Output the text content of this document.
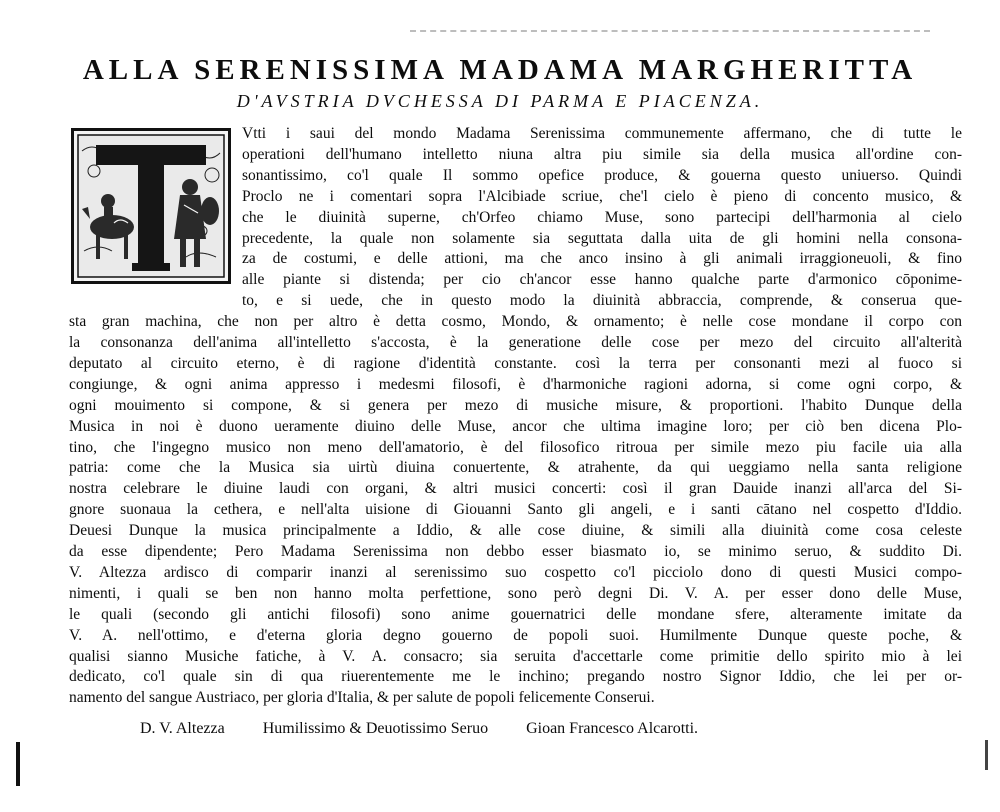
ALLA SERENISSIMA MADAMA MARGHERITTA
D'AVSTRIA DVCHESSA DI PARMA E PIACENZA.
Vtti i saui del mondo Madama Serenissima communemente affermano, che di tutte le
operationi dell'humano intelletto niuna altra piu simile sia della musica all'ordine con-
sonantissimo, co'l quale Il sommo opefice produce, & gouerna questo uniuerso. Quindi
Proclo ne i comentari sopra l'Alcibiade scriue, che'l cielo è pieno di concento musico, &
che le diuinità superne, ch'Orfeo chiamo Muse, sono partecipi dell'harmonia al cielo
precedente, la quale non solamente sia seguttata dalla uita de gli homini nella consona-
za de costumi, e delle attioni, ma che anco insino à gli animali irraggioneuoli, & fino
alle piante si distenda; per cio ch'ancor esse hanno qualche parte d'armonico cōponime-
to, e si uede, che in questo modo la diuinità abbraccia, comprende, & conserua que-
sta gran machina, che non per altro è detta cosmo, Mondo, & ornamento; è nelle cose mondane il corpo con
la consonanza dell'anima all'intelletto s'accosta, è la generatione delle cose per mezo del circuito all'alterità
deputato al circuito eterno, è di ragione d'identità constante. così la terra per consonanti mezi al fuoco si
congiunge, & ogni anima appresso i medesmi filosofi, è d'harmoniche ragioni adorna, si come ogni corpo, &
ogni mouimento si compone, & si genera per mezo di musiche misure, & proportioni. l'habito Dunque della
Musica in noi è duono ueramente diuino delle Muse, ancor che ultima imagine loro; per ciò ben dicena Plo-
tino, che l'ingegno musico non meno dell'amatorio, è del filosofico ritroua per simile mezo piu facile uia alla
patria: come che la Musica sia uirtù diuina conuertente, & atrahente, da qui ueggiamo nella santa religione
nostra celebrare le diuine laudi con organi, & altri musici concerti: così il gran Dauide inanzi all'arca del Si-
gnore suonaua la cethera, e nell'alta uisione di Giouanni Santo gli angeli, e i santi cātano nel cospetto d'Iddio.
Deuesi Dunque la musica principalmente a Iddio, & alle cose diuine, & simili alla diuinità come cosa celeste
da esse dipendente; Pero Madama Serenissima non debbo esser biasmato io, se minimo seruo, & suddito Di.
V. Altezza ardisco di comparir inanzi al serenissimo suo cospetto co'l picciolo dono di questi Musici compo-
nimenti, i quali se ben non hanno molta perfettione, sono però degni Di. V. A. per esser dono delle Muse,
le quali (secondo gli antichi filosofi) sono anime gouernatrici delle mondane sfere, alteramente imitate da
V. A. nell'ottimo, e d'eterna gloria degno gouerno de popoli suoi. Humilmente Dunque queste poche, &
qualisi sianno Musiche fatiche, à V. A. consacro; sia seruita d'accettarle come primitie dello spirito mio à lei
dedicato, co'l quale sin di qua riuerentemente me le inchino; pregando nostro Signor Iddio, che lei per or-
namento del sangue Austriaco, per gloria d'Italia, & per salute de popoli felicemente Conserui.
D. V. Altezza Humilissimo & Deuotissimo Seruo Gioan Francesco Alcarotti.
